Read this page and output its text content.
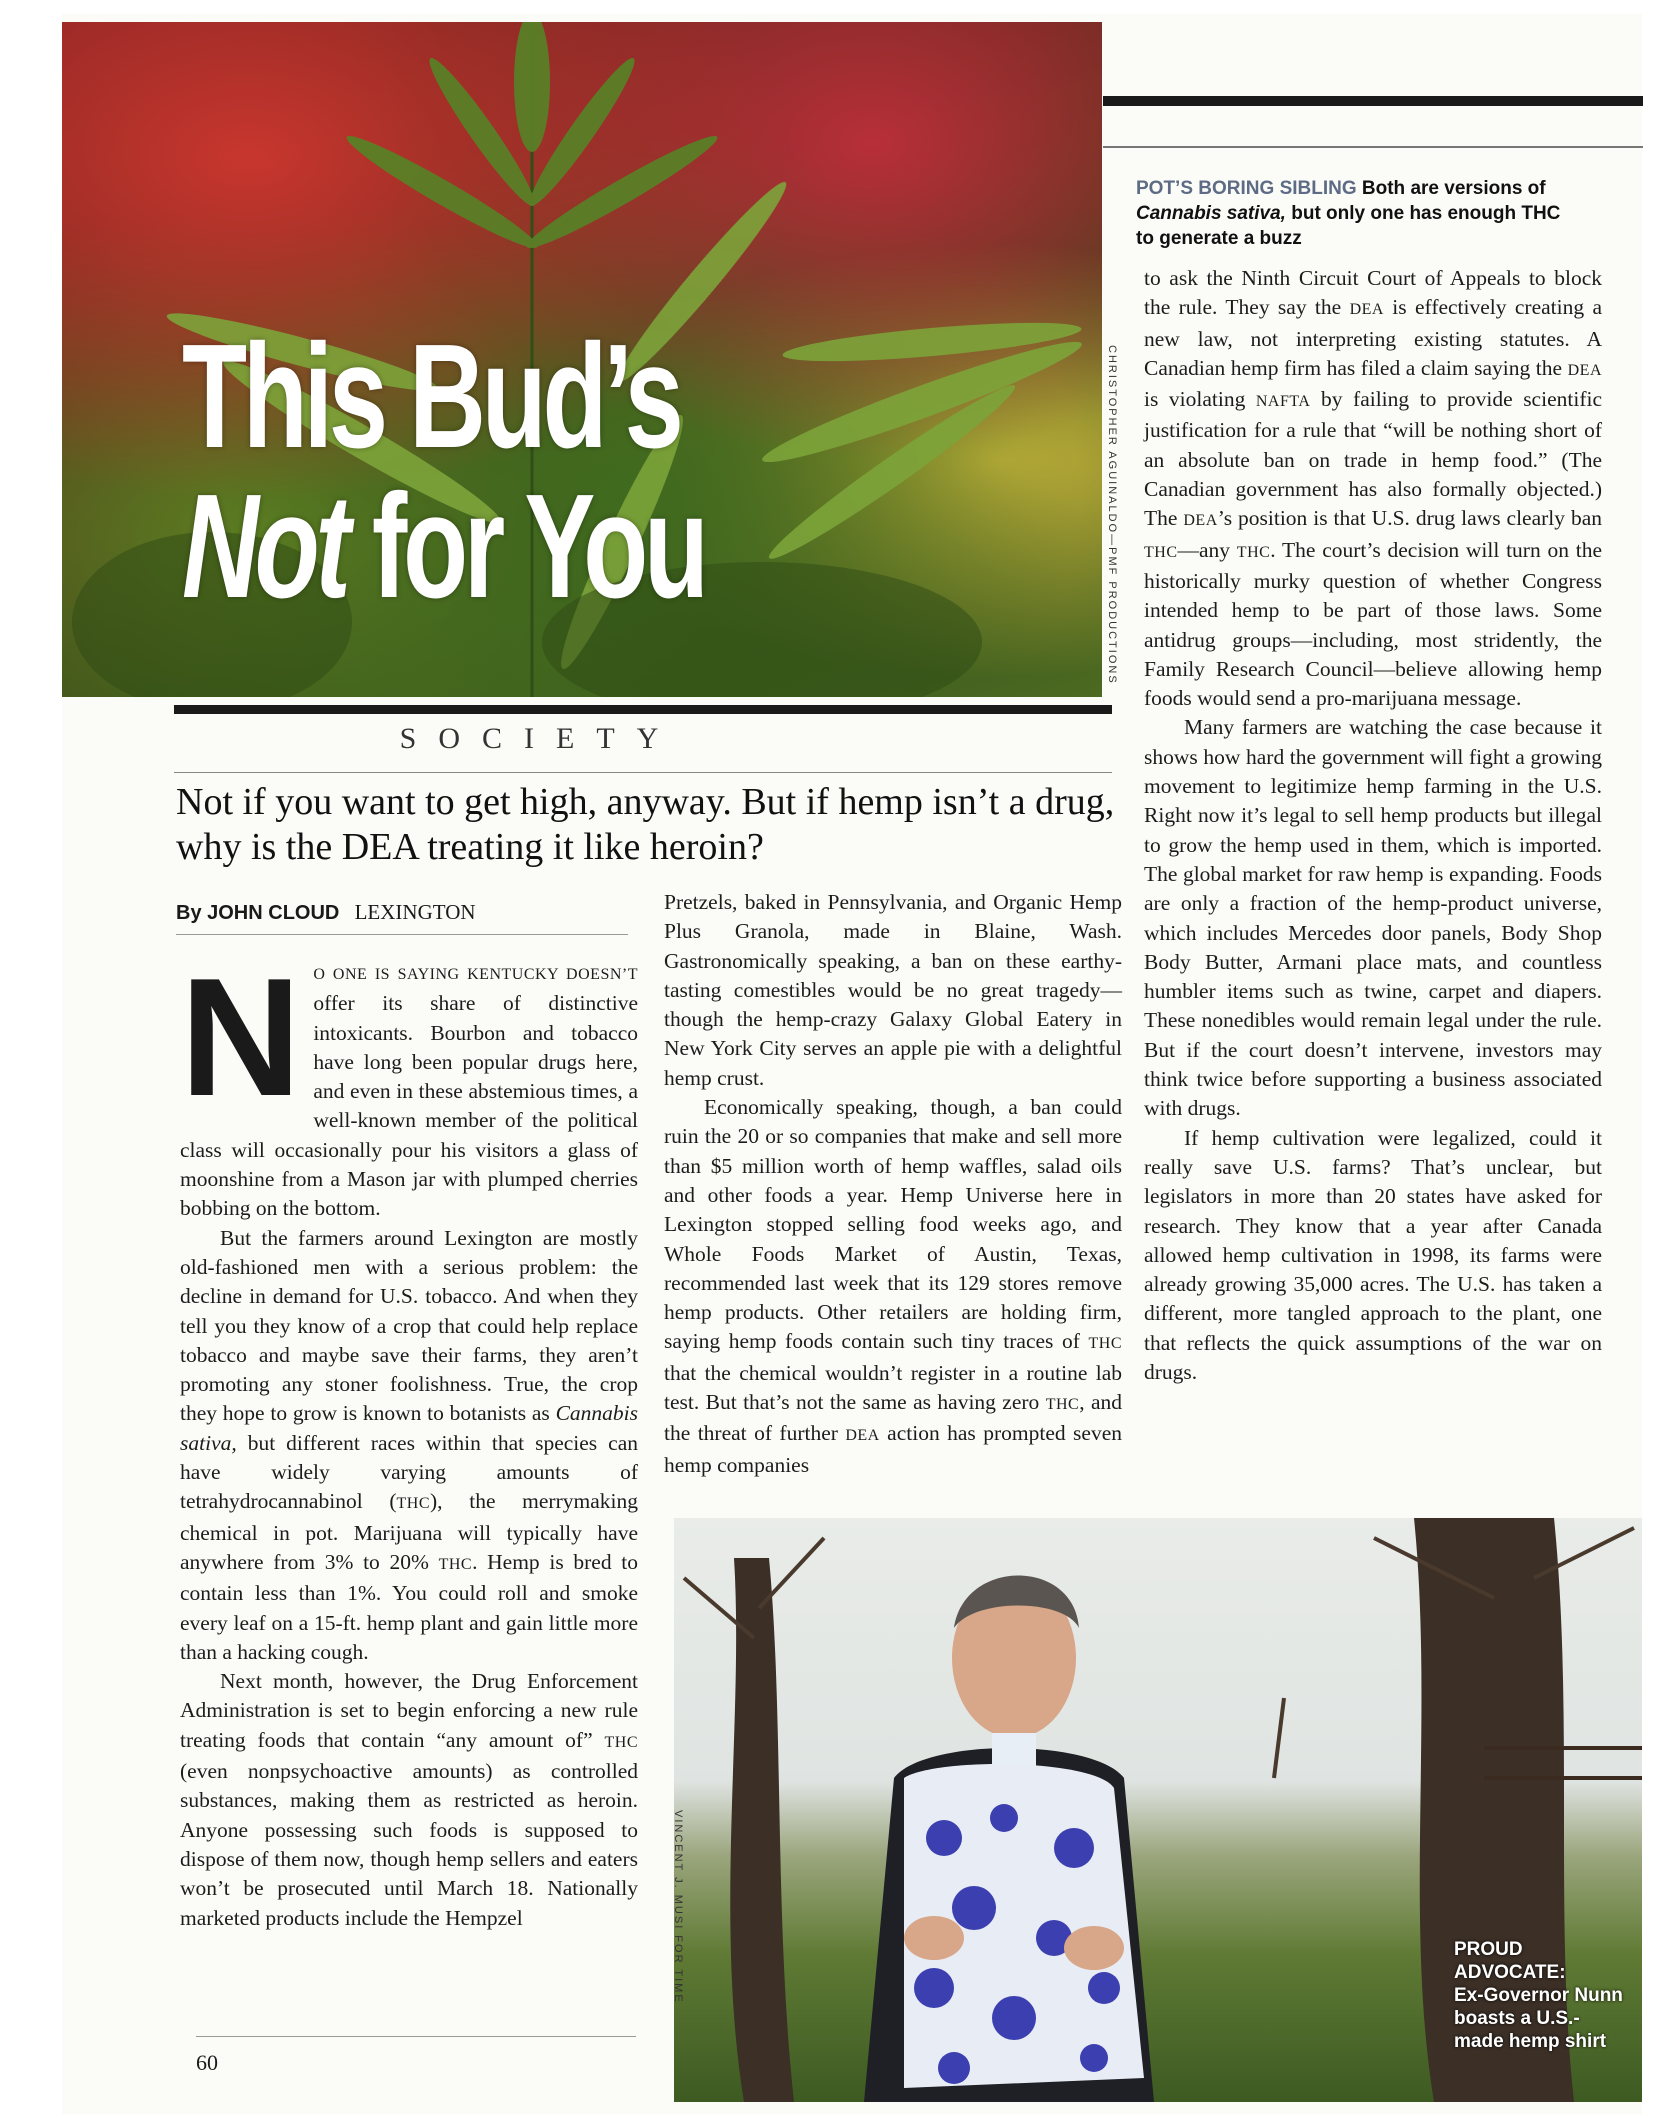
This Bud’s
Not for You	CHRISTOPHER AGUINALDO—PMF PRODUCTIONS
POT’S BORING SIBLING Both are versions of Cannabis sativa, but only one has enough THC to generate a buzz
SOCIETY
Not if you want to get high, anyway. But if hemp isn’t a drug, why is the DEA treating it like heroin?
By JOHN CLOUD LEXINGTON

N O ONE IS SAYING KENTUCKY DOESN’T offer its share of distinctive intoxicants. Bourbon and tobacco have long been popular drugs here, and even in these abstemious times, a well-known member of the political class will occasionally pour his visitors a glass of moonshine from a Mason jar with plumped cherries bobbing on the bottom.

But the farmers around Lexington are mostly old-fashioned men with a serious problem: the decline in demand for U.S. tobacco. And when they tell you they know of a crop that could help replace tobacco and maybe save their farms, they aren’t promoting any stoner foolishness. True, the crop they hope to grow is known to botanists as Cannabis sativa, but different races within that species can have widely varying amounts of tetrahydrocannabinol (THC), the merrymaking chemical in pot. Marijuana will typically have anywhere from 3% to 20% THC. Hemp is bred to contain less than 1%. You could roll and smoke every leaf on a 15-ft. hemp plant and gain little more than a hacking cough.

Next month, however, the Drug Enforcement Administration is set to begin enforcing a new rule treating foods that contain “any amount of” THC (even nonpsychoactive amounts) as controlled substances, making them as restricted as heroin. Anyone possessing such foods is supposed to dispose of them now, though hemp sellers and eaters won’t be prosecuted until March 18. Nationally marketed products include the Hempzel

Pretzels, baked in Pennsylvania, and Organic Hemp Plus Granola, made in Blaine, Wash. Gastronomically speaking, a ban on these earthy-tasting comestibles would be no great tragedy—though the hemp-crazy Galaxy Global Eatery in New York City serves an apple pie with a delightful hemp crust.

Economically speaking, though, a ban could ruin the 20 or so companies that make and sell more than $5 million worth of hemp waffles, salad oils and other foods a year. Hemp Universe here in Lexington stopped selling food weeks ago, and Whole Foods Market of Austin, Texas, recommended last week that its 129 stores remove hemp products. Other retailers are holding firm, saying hemp foods contain such tiny traces of THC that the chemical wouldn’t register in a routine lab test. But that’s not the same as having zero THC, and the threat of further DEA action has prompted seven hemp companies

to ask the Ninth Circuit Court of Appeals to block the rule. They say the DEA is effectively creating a new law, not interpreting existing statutes. A Canadian hemp firm has filed a claim saying the DEA is violating NAFTA by failing to provide scientific justification for a rule that “will be nothing short of an absolute ban on trade in hemp food.” (The Canadian government has also formally objected.) The DEA’s position is that U.S. drug laws clearly ban THC—any THC. The court’s decision will turn on the historically murky question of whether Congress intended hemp to be part of those laws. Some antidrug groups—including, most stridently, the Family Research Council—believe allowing hemp foods would send a pro-marijuana message.

Many farmers are watching the case because it shows how hard the government will fight a growing movement to legitimize hemp farming in the U.S. Right now it’s legal to sell hemp products but illegal to grow the hemp used in them, which is imported. The global market for raw hemp is expanding. Foods are only a fraction of the hemp-product universe, which includes Mercedes door panels, Body Shop Body Butter, Armani place mats, and countless humbler items such as twine, carpet and diapers. These nonedibles would remain legal under the rule. But if the court doesn’t intervene, investors may think twice before supporting a business associated with drugs.

If hemp cultivation were legalized, could it really save U.S. farms? That’s unclear, but legislators in more than 20 states have asked for research. They know that a year after Canada allowed hemp cultivation in 1998, its farms were already growing 35,000 acres. The U.S. has taken a different, more tangled approach to the plant, one that reflects the quick assumptions of the war on drugs.

PROUD ADVOCATE:
Ex-Governor Nunn boasts a U.S.-made hemp shirt
VINCENT J. MUSI FOR TIME
60
